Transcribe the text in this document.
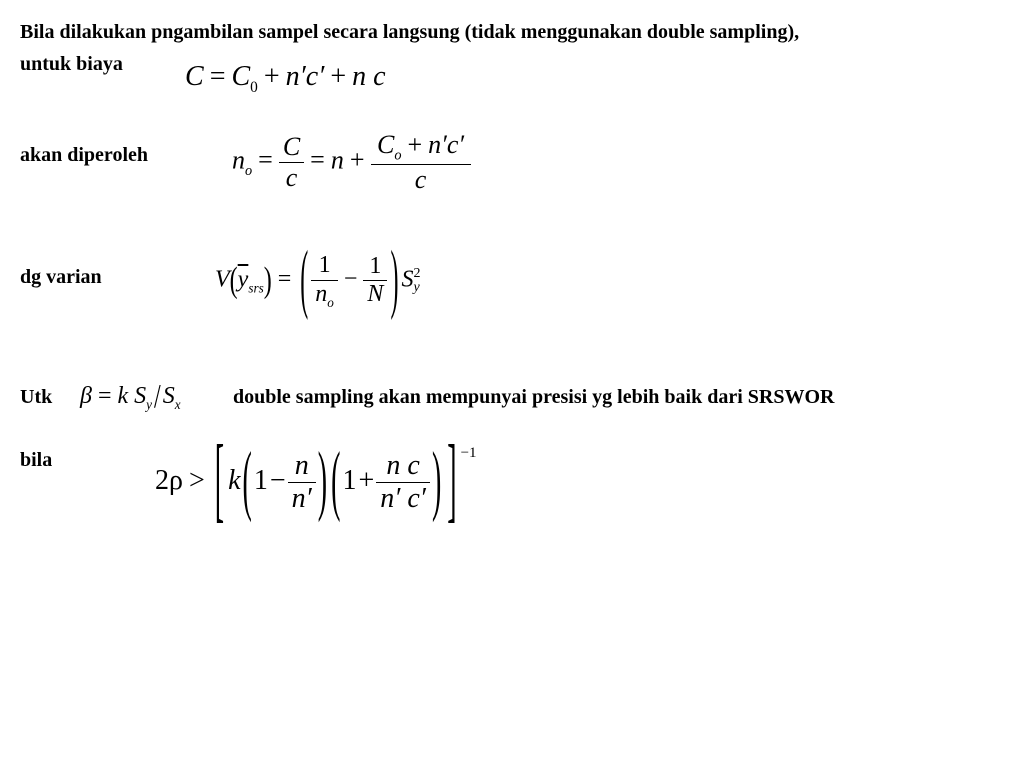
Bila dilakukan pngambilan sampel secara langsung (tidak menggunakan double sampling),
untuk biaya $C = C_0 + n'c' + n$ c
akan diperoleh	$n_o = \frac{C}{c} = n + \frac{C_o + n'c'}{c}$
dg varian	$V(\overline{y}_{srs})$ = ( $\frac{1}{n_o} - \frac{1}{N}$ ) S 2
y
Utk β = k $S_y/S_x$	double sampling akan mempunyai presisi yg lebih baik dari SRSWOR
bila
2ρ > [ $k(1- \frac{n}{n'}$ ) ($1+ \frac{\text{n c}}{n' c'}$ ) ] −1
